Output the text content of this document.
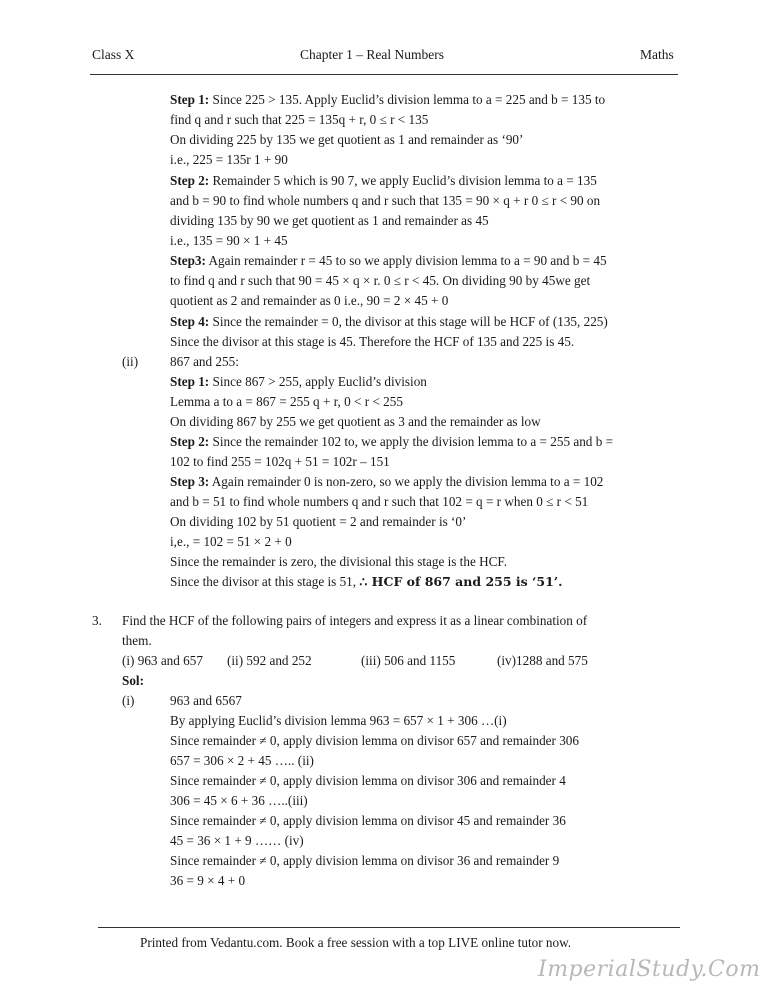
Class X	Chapter 1 – Real Numbers	Maths
Step 1: Since 225 > 135. Apply Euclid’s division lemma to a = 225 and b = 135 to
find q and r such that 225 = 135q + r, 0 ≤ r < 135
On dividing 225 by 135 we get quotient as 1 and remainder as ‘90’
i.e., 225 = 135r 1 + 90
Step 2: Remainder 5 which is 90 7, we apply Euclid’s division lemma to a = 135
and b = 90 to find whole numbers q and r such that 135 = 90 × q + r 0 ≤ r < 90 on
dividing 135 by 90 we get quotient as 1 and remainder as 45
i.e., 135 = 90 × 1 + 45
Step3: Again remainder r = 45 to so we apply division lemma to a = 90 and b = 45
to find q and r such that 90 = 45 × q × r. 0 ≤ r < 45. On dividing 90 by 45we get
quotient as 2 and remainder as 0 i.e., 90 = 2 × 45 + 0
Step 4: Since the remainder = 0, the divisor at this stage will be HCF of (135, 225)
Since the divisor at this stage is 45. Therefore the HCF of 135 and 225 is 45.
(ii) 867 and 255:
Step 1: Since 867 > 255, apply Euclid’s division
Lemma a to a = 867 = 255 q + r, 0 < r < 255
On dividing 867 by 255 we get quotient as 3 and the remainder as low
Step 2: Since the remainder 102 to, we apply the division lemma to a = 255 and b =
102 to find 255 = 102q + 51 = 102r – 151
Step 3: Again remainder 0 is non-zero, so we apply the division lemma to a = 102
and b = 51 to find whole numbers q and r such that 102 = q = r when 0 ≤ r < 51
On dividing 102 by 51 quotient = 2 and remainder is ‘0’
i,e., = 102 = 51 × 2 + 0
Since the remainder is zero, the divisional this stage is the HCF.
Since the divisor at this stage is 51, ∴ HCF of 867 and 255 is ‘51’.
3. Find the HCF of the following pairs of integers and express it as a linear combination of
them.
(i) 963 and 657 (ii) 592 and 252	(iii) 506 and 1155	(iv)1288 and 575
Sol:
(i)	963 and 6567
By applying Euclid’s division lemma 963 = 657 × 1 + 306 …(i)
Since remainder ≠ 0, apply division lemma on divisor 657 and remainder 306
657 = 306 × 2 + 45 ….. (ii)
Since remainder ≠ 0, apply division lemma on divisor 306 and remainder 4
306 = 45 × 6 + 36 …..(iii)
Since remainder ≠ 0, apply division lemma on divisor 45 and remainder 36
45 = 36 × 1 + 9 …… (iv)
Since remainder ≠ 0, apply division lemma on divisor 36 and remainder 9
36 = 9 × 4 + 0
Printed from Vedantu.com. Book a free session with a top LIVE online tutor now.
ImperialStudy.Com
